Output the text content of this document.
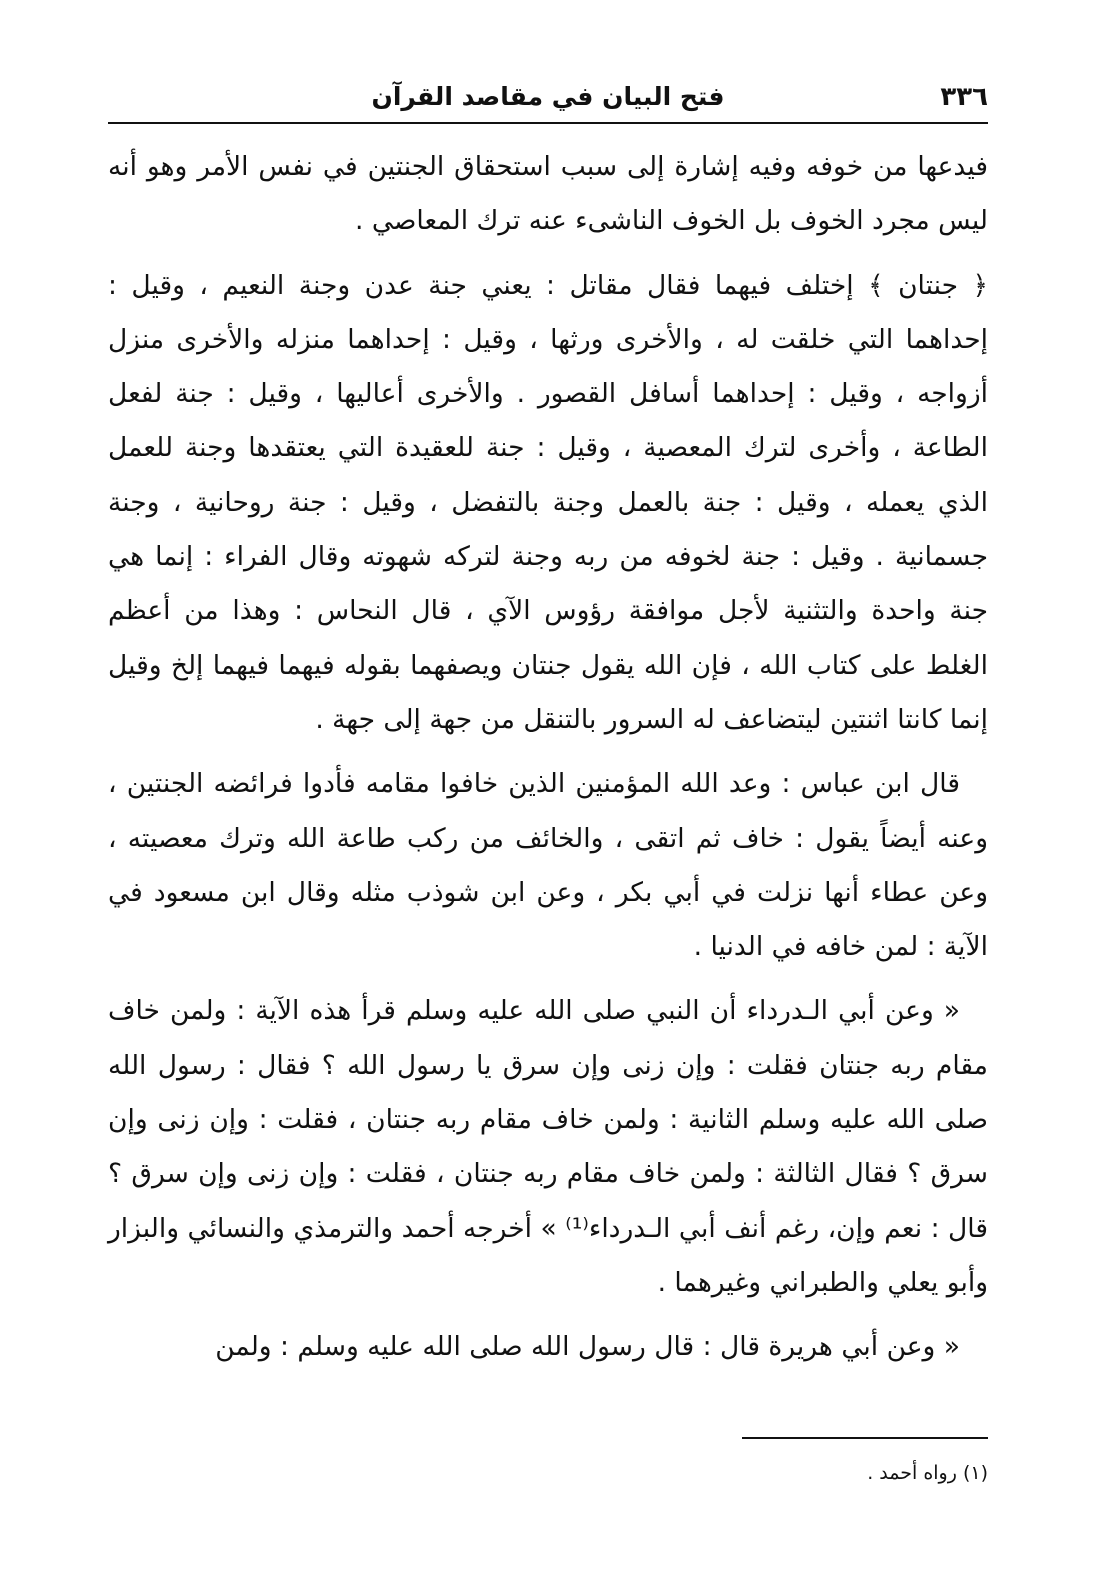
٣٣٦
فتح البيان في مقاصد القرآن

فيدعها من خوفه وفيه إشارة إلى سبب استحقاق الجنتين في نفس الأمر وهو أنه ليس مجرد الخوف بل الخوف الناشىء عنه ترك المعاصي .

﴿ جنتان ﴾ إختلف فيهما فقال مقاتل : يعني جنة عدن وجنة النعيم ، وقيل : إحداهما التي خلقت له ، والأخرى ورثها ، وقيل : إحداهما منزله والأخرى منزل أزواجه ، وقيل : إحداهما أسافل القصور . والأخرى أعاليها ، وقيل : جنة لفعل الطاعة ، وأخرى لترك المعصية ، وقيل : جنة للعقيدة التي يعتقدها وجنة للعمل الذي يعمله ، وقيل : جنة بالعمل وجنة بالتفضل ، وقيل : جنة روحانية ، وجنة جسمانية . وقيل : جنة لخوفه من ربه وجنة لتركه شهوته وقال الفراء : إنما هي جنة واحدة والتثنية لأجل موافقة رؤوس الآي ، قال النحاس : وهذا من أعظم الغلط على كتاب الله ، فإن الله يقول جنتان ويصفهما بقوله فيهما فيهما إلخ وقيل إنما كانتا اثنتين ليتضاعف له السرور بالتنقل من جهة إلى جهة .

قال ابن عباس : وعد الله المؤمنين الذين خافوا مقامه فأدوا فرائضه الجنتين ، وعنه أيضاً يقول : خاف ثم اتقى ، والخائف من ركب طاعة الله وترك معصيته ، وعن عطاء أنها نزلت في أبي بكر ، وعن ابن شوذب مثله وقال ابن مسعود في الآية : لمن خافه في الدنيا .

« وعن أبي الـدرداء أن النبي صلى الله عليه وسلم قرأ هذه الآية : ولمن خاف مقام ربه جنتان فقلت : وإن زنى وإن سرق يا رسول الله ؟ فقال : رسول الله صلى الله عليه وسلم الثانية : ولمن خاف مقام ربه جنتان ، فقلت : وإن زنى وإن سرق ؟ فقال الثالثة : ولمن خاف مقام ربه جنتان ، فقلت : وإن زنى وإن سرق ؟ قال : نعم وإن، رغم أنف أبي الـدرداء⁽¹⁾ » أخرجه أحمد والترمذي والنسائي والبزار وأبو يعلي والطبراني وغيرهما .

« وعن أبي هريرة قال : قال رسول الله صلى الله عليه وسلم : ولمن

(١) رواه أحمد .
